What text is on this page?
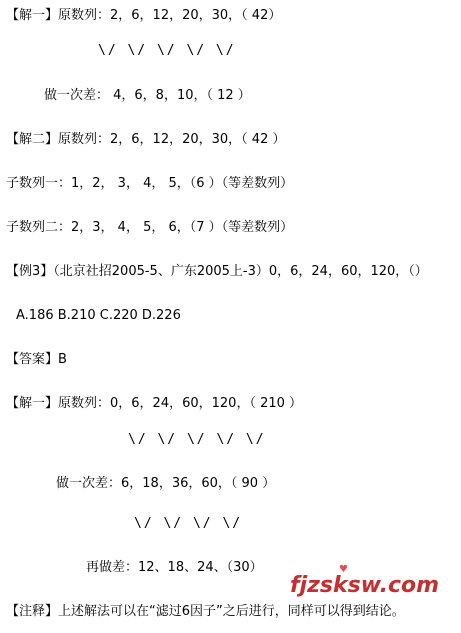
【解一】原数列：2，6，12，20，30，（ 42）
\/ \/ \/ \/ \/
做一次差： 4，6，8，10，（ 12 ）
【解二】原数列：2，6，12，20，30，（ 42 ）
子数列一：1，2， 3， 4， 5，（6 ）（等差数列）
子数列二：2，3， 4， 5， 6，（7 ）（等差数列）
【例3】（北京社招2005-5、广东2005上-3）0，6，24，60，120，（）
A.186 B.210 C.220 D.226
【答案】B
【解一】原数列：0，6，24，60，120，（ 210 ）
\/ \/ \/ \/ \/
做一次差：6，18，36，60，（ 90 ）
\/ \/ \/ \/
再做差：12、18、24、（30）
【注释】上述解法可以在“滤过6因子”之后进行，同样可以得到结论。
♥
fjzsksw.com
